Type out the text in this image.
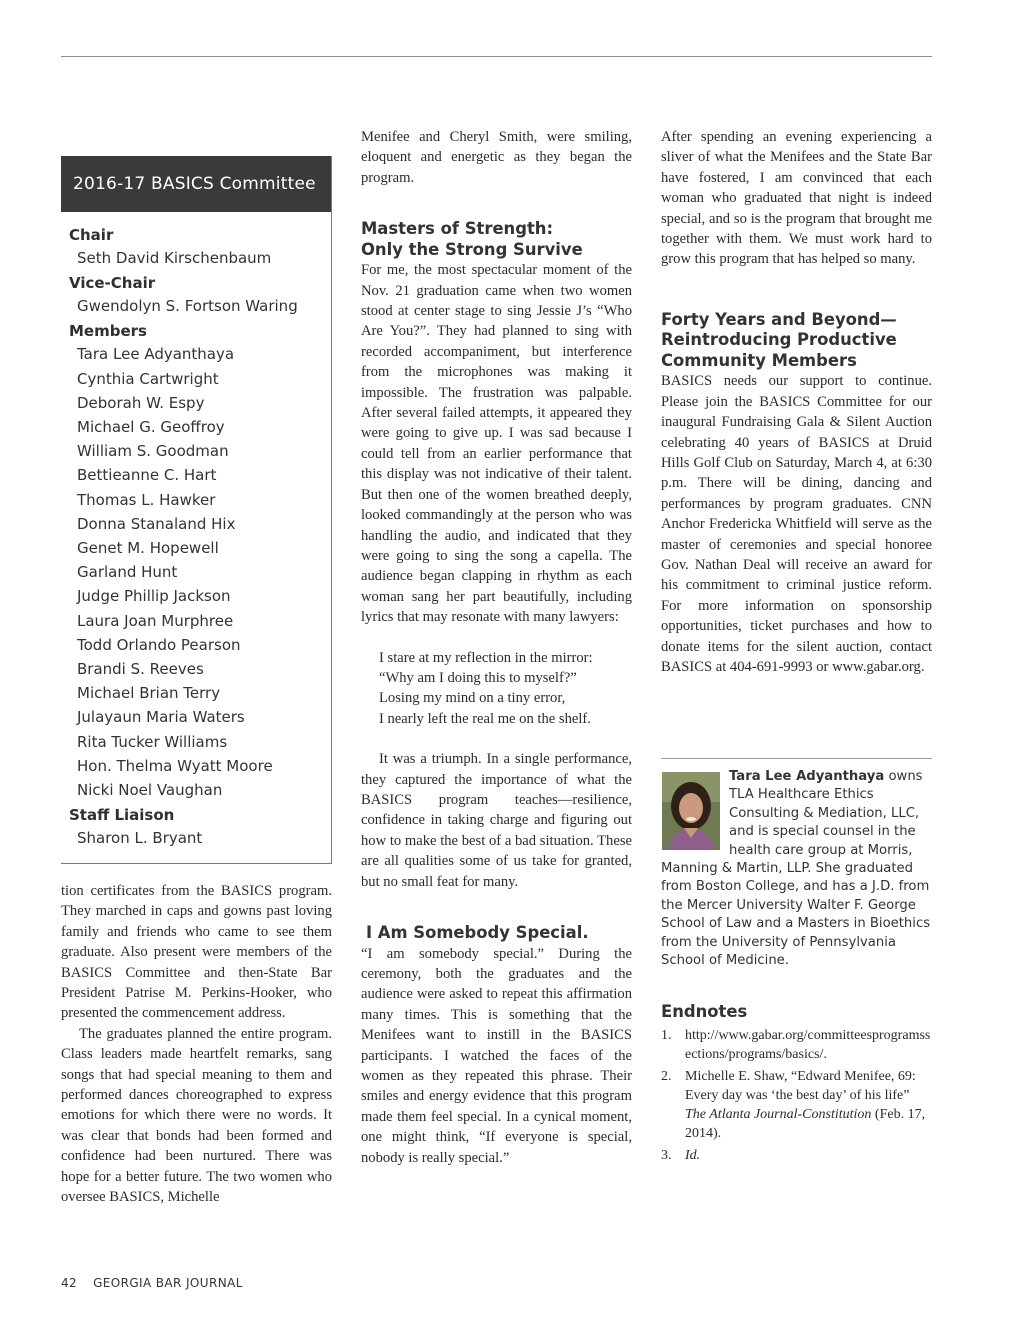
2016-17 BASICS Committee
Chair
Seth David Kirschenbaum
Vice-Chair
Gwendolyn S. Fortson Waring
Members
Tara Lee Adyanthaya
Cynthia Cartwright
Deborah W. Espy
Michael G. Geoffroy
William S. Goodman
Bettieanne C. Hart
Thomas L. Hawker
Donna Stanaland Hix
Genet M. Hopewell
Garland Hunt
Judge Phillip Jackson
Laura Joan Murphree
Todd Orlando Pearson
Brandi S. Reeves
Michael Brian Terry
Julayaun Maria Waters
Rita Tucker Williams
Hon. Thelma Wyatt Moore
Nicki Noel Vaughan
Staff Liaison
Sharon L. Bryant

tion certificates from the BASICS program. They marched in caps and gowns past loving family and friends who came to see them graduate. Also present were members of the BASICS Committee and then-State Bar President Patrise M. Perkins-Hooker, who presented the commencement address.

The graduates planned the entire program. Class leaders made heartfelt remarks, sang songs that had special meaning to them and performed dances choreographed to express emotions for which there were no words. It was clear that bonds had been formed and confidence had been nurtured. There was hope for a better future. The two women who oversee BASICS, Michelle

Menifee and Cheryl Smith, were smiling, eloquent and energetic as they began the program.

Masters of Strength:
Only the Strong Survive

For me, the most spectacular moment of the Nov. 21 graduation came when two women stood at center stage to sing Jessie J’s “Who Are You?”. They had planned to sing with recorded accompaniment, but interference from the microphones was making it impossible. The frustration was palpable. After several failed attempts, it appeared they were going to give up. I was sad because I could tell from an earlier performance that this display was not indicative of their talent. But then one of the women breathed deeply, looked commandingly at the person who was handling the audio, and indicated that they were going to sing the song a capella. The audience began clapping in rhythm as each woman sang her part beautifully, including lyrics that may resonate with many lawyers:

I stare at my reflection in the mirror:
“Why am I doing this to myself?”
Losing my mind on a tiny error,
I nearly left the real me on the shelf.

It was a triumph. In a single performance, they captured the importance of what the BASICS program teaches—resilience, confidence in taking charge and figuring out how to make the best of a bad situation. These are all qualities some of us take for granted, but no small feat for many.

I Am Somebody Special.

“I am somebody special.” During the ceremony, both the graduates and the audience were asked to repeat this affirmation many times. This is something that the Menifees want to instill in the BASICS participants. I watched the faces of the women as they repeated this phrase. Their smiles and energy evidence that this program made them feel special. In a cynical moment, one might think, “If everyone is special, nobody is really special.”

After spending an evening experiencing a sliver of what the Menifees and the State Bar have fostered, I am convinced that each woman who graduated that night is indeed special, and so is the program that brought me together with them. We must work hard to grow this program that has helped so many.

Forty Years and Beyond—
Reintroducing Productive
Community Members

BASICS needs our support to continue. Please join the BASICS Committee for our inaugural Fundraising Gala & Silent Auction celebrating 40 years of BASICS at Druid Hills Golf Club on Saturday, March 4, at 6:30 p.m. There will be dining, dancing and performances by program graduates. CNN Anchor Fredericka Whitfield will serve as the master of ceremonies and special honoree Gov. Nathan Deal will receive an award for his commitment to criminal justice reform. For more information on sponsorship opportunities, ticket purchases and how to donate items for the silent auction, contact BASICS at 404-691-9993 or www.gabar.org.

Tara Lee Adyanthaya owns TLA Healthcare Ethics Consulting & Mediation, LLC, and is special counsel in the health care group at Morris, Manning & Martin, LLP. She graduated from Boston College, and has a J.D. from the Mercer University Walter F. George School of Law and a Masters in Bioethics from the University of Pennsylvania School of Medicine.
Endnotes
1. http://www.gabar.org/committeesprogramssections/programs/basics/.
2. Michelle E. Shaw, “Edward Menifee, 69: Every day was ‘the best day’ of his life” The Atlanta Journal-Constitution (Feb. 17, 2014).
3. Id.
42 GEORGIA BAR JOURNAL
